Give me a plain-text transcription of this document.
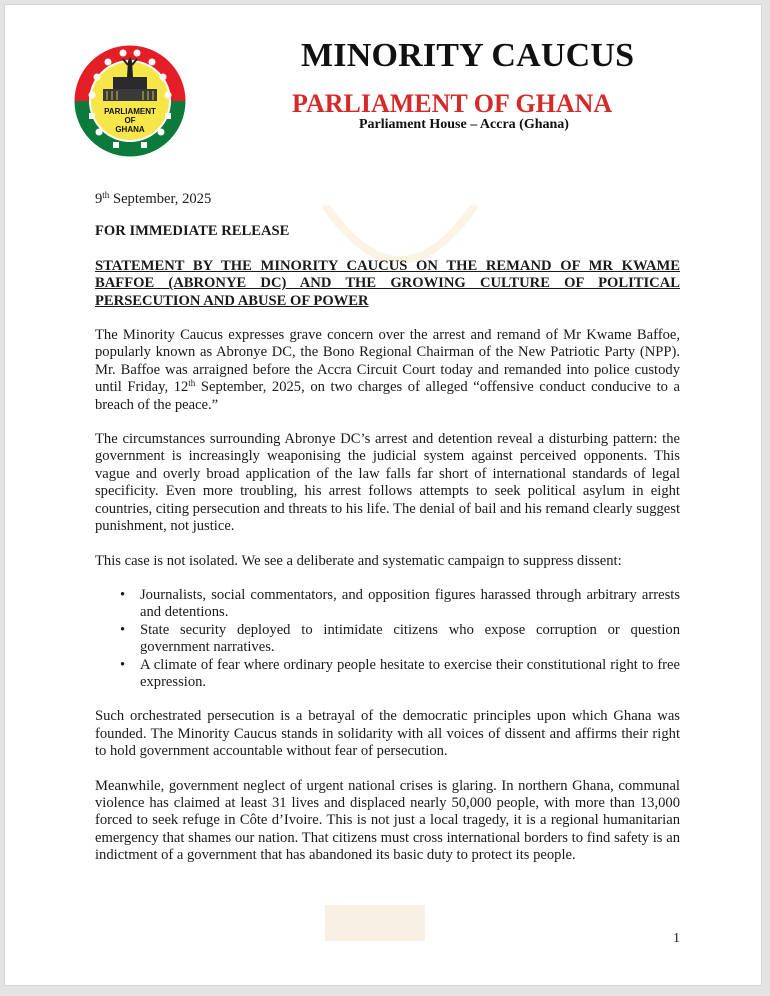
PARLIAMENT
OF
GHANA
MINORITY CAUCUS
PARLIAMENT OF GHANA
Parliament House – Accra (Ghana)
9th September, 2025
FOR IMMEDIATE RELEASE
STATEMENT BY THE MINORITY CAUCUS ON THE REMAND OF MR KWAME BAFFOE (ABRONYE DC) AND THE GROWING CULTURE OF POLITICAL PERSECUTION AND ABUSE OF POWER

The Minority Caucus expresses grave concern over the arrest and remand of Mr Kwame Baffoe, popularly known as Abronye DC, the Bono Regional Chairman of the New Patriotic Party (NPP). Mr. Baffoe was arraigned before the Accra Circuit Court today and remanded into police custody until Friday, 12th September, 2025, on two charges of alleged “offensive conduct conducive to a breach of the peace.”

The circumstances surrounding Abronye DC’s arrest and detention reveal a disturbing pattern: the government is increasingly weaponising the judicial system against perceived opponents. This vague and overly broad application of the law falls far short of international standards of legal specificity. Even more troubling, his arrest follows attempts to seek political asylum in eight countries, citing persecution and threats to his life. The denial of bail and his remand clearly suggest punishment, not justice.

This case is not isolated. We see a deliberate and systematic campaign to suppress dissent:

• Journalists, social commentators, and opposition figures harassed through arbitrary arrests and detentions.
• State security deployed to intimidate citizens who expose corruption or question government narratives.
• A climate of fear where ordinary people hesitate to exercise their constitutional right to free expression.

Such orchestrated persecution is a betrayal of the democratic principles upon which Ghana was founded. The Minority Caucus stands in solidarity with all voices of dissent and affirms their right to hold government accountable without fear of persecution.

Meanwhile, government neglect of urgent national crises is glaring. In northern Ghana, communal violence has claimed at least 31 lives and displaced nearly 50,000 people, with more than 13,000 forced to seek refuge in Côte d’Ivoire. This is not just a local tragedy, it is a regional humanitarian emergency that shames our nation. That citizens must cross international borders to find safety is an indictment of a government that has abandoned its basic duty to protect its people.

1
